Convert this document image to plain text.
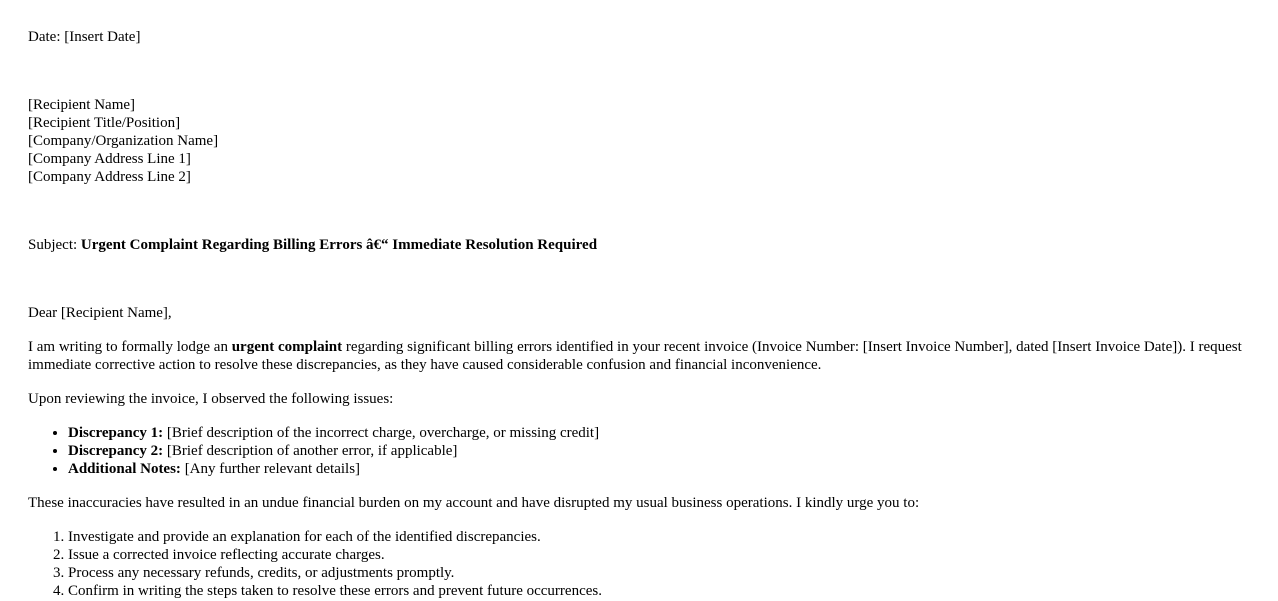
Date: [Insert Date]
[Recipient Name]
[Recipient Title/Position]
[Company/Organization Name]
[Company Address Line 1]
[Company Address Line 2]
Subject: Urgent Complaint Regarding Billing Errors â€“ Immediate Resolution Required
Dear [Recipient Name],
I am writing to formally lodge an urgent complaint regarding significant billing errors identified in your recent invoice (Invoice Number: [Insert Invoice Number], dated [Insert Invoice Date]). I request immediate corrective action to resolve these discrepancies, as they have caused considerable confusion and financial inconvenience.
Upon reviewing the invoice, I observed the following issues:
• Discrepancy 1: [Brief description of the incorrect charge, overcharge, or missing credit]
• Discrepancy 2: [Brief description of another error, if applicable]
• Additional Notes: [Any further relevant details]
These inaccuracies have resulted in an undue financial burden on my account and have disrupted my usual business operations. I kindly urge you to:
1. Investigate and provide an explanation for each of the identified discrepancies.
2. Issue a corrected invoice reflecting accurate charges.
3. Process any necessary refunds, credits, or adjustments promptly.
4. Confirm in writing the steps taken to resolve these errors and prevent future occurrences.
